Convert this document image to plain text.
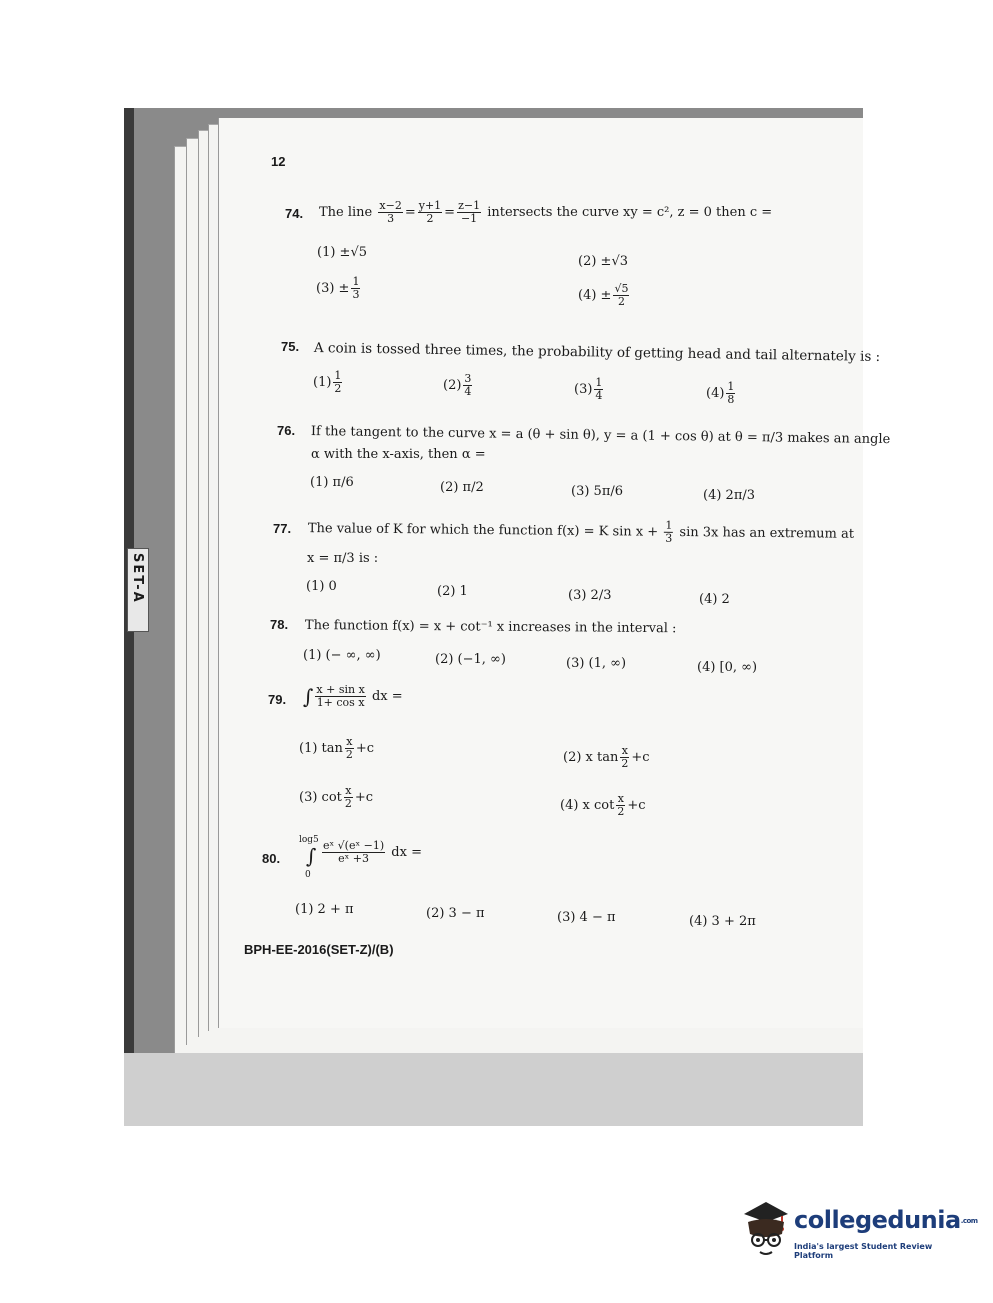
SET-A
12
74. The line $\frac{x-2}{3} = \frac{y+1}{2} = \frac{z-1}{-1}$ intersects the curve xy = c², z = 0 then c =
(1) ±√5
(2) ±√3
$(3) \pm \frac{1}{3}$	$(4) \pm \frac{√5}{2}$
75. A coin is tossed three times, the probability of getting head and tail alternately is :
$(1) \frac{1}{2}$	$(2) \frac{3}{4}$	$(3) \frac{1}{4}$	$(4) \frac{1}{8}$
76. If the tangent to the curve x = a (θ + sin θ), y = a (1 + cos θ) at θ = π/3 makes an angle
α with the x-axis, then α =
(1) π/6	(2) π/2	(3) 5π/6	(4) 2π/3
77. The value of K for which the function f(x) = K $\sin x + \frac{1}{3}$ sin 3x has an extremum at
x = π/3 is :
(1) 0	(2) 1	(3) 2/3	(4) 2
78. The function f(x) = x + cot⁻¹ x increases in the interval :
(1) (− ∞, ∞)	(2) (−1, ∞)	(3) (1, ∞)	(4) [0, ∞)
79. ∫ $\frac{\text{x + sin x}}{\text{1+ cos x}}$ dx =
(1) $\tan \frac{x}{2} +c$
(2) x $\tan \frac{x}{2} +c$
(3) $\cot \frac{x}{2} +c$
(4) x $\cot \frac{x}{2} +c$
80.
log5
∫
0
$\frac{\text{eˣ √(eˣ −1)}}{\text{eˣ +3}}$ dx =
(1) 2 + π	(2) 3 − π	(3) 4 − π	(4) 3 + 2π
BPH-EE-2016(SET-Z)/(B)
collegedunia.com
India's largest Student Review Platform
